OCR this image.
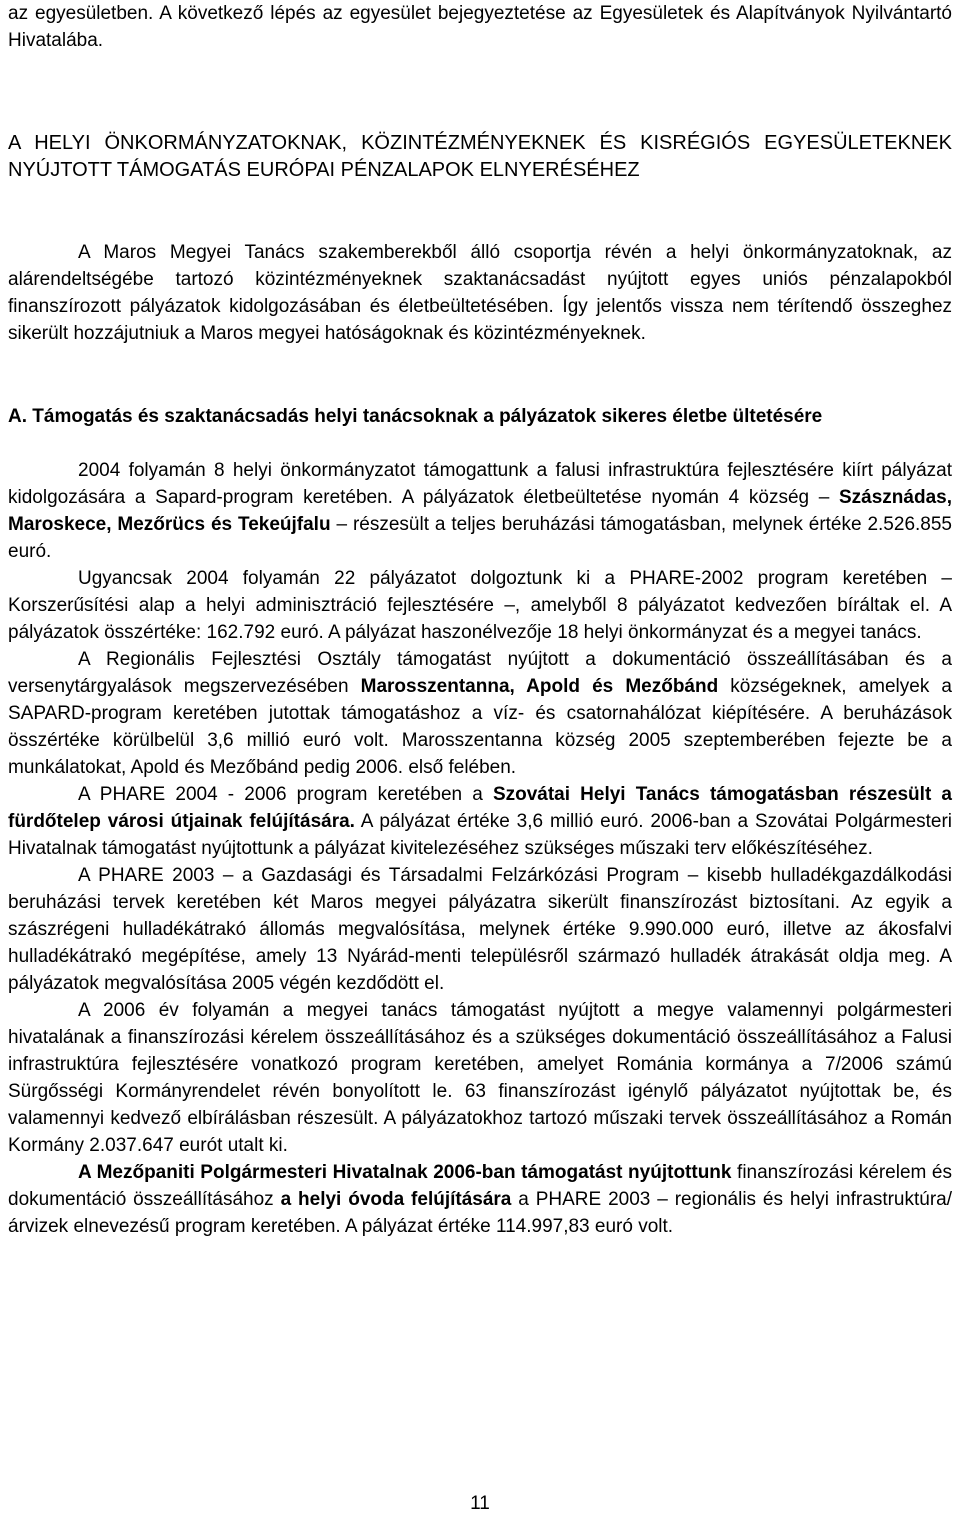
az egyesületben. A következő lépés az egyesület bejegyeztetése az Egyesületek és Alapítványok Nyilvántartó Hivatalába.

A HELYI ÖNKORMÁNYZATOKNAK, KÖZINTÉZMÉNYEKNEK ÉS KISRÉGIÓS EGYESÜLETEKNEK NYÚJTOTT TÁMOGATÁS EURÓPAI PÉNZALAPOK ELNYERÉSÉHEZ

A Maros Megyei Tanács szakemberekből álló csoportja révén a helyi önkormányzatoknak, az alárendeltségébe tartozó közintézményeknek szaktanácsadást nyújtott egyes uniós pénzalapokból finanszírozott pályázatok kidolgozásában és életbeültetésében. Így jelentős vissza nem térítendő összeghez sikerült hozzájutniuk a Maros megyei hatóságoknak és közintézményeknek.

A. Támogatás és szaktanácsadás helyi tanácsoknak a pályázatok sikeres életbe ültetésére

2004 folyamán 8 helyi önkormányzatot támogattunk a falusi infrastruktúra fejlesztésére kiírt pályázat kidolgozására a Sapard-program keretében. A pályázatok életbeültetése nyomán 4 község – Szásznádas, Maroskece, Mezőrücs és Tekeújfalu – részesült a teljes beruházási támogatásban, melynek értéke 2.526.855 euró.

Ugyancsak 2004 folyamán 22 pályázatot dolgoztunk ki a PHARE-2002 program keretében – Korszerűsítési alap a helyi adminisztráció fejlesztésére –, amelyből 8 pályázatot kedvezően bíráltak el. A pályázatok összértéke: 162.792 euró. A pályázat haszonélvezője 18 helyi önkormányzat és a megyei tanács.

A Regionális Fejlesztési Osztály támogatást nyújtott a dokumentáció összeállításában és a versenytárgyalások megszervezésében Marosszentanna, Apold és Mezőbánd községeknek, amelyek a SAPARD-program keretében jutottak támogatáshoz a víz- és csatornahálózat kiépítésére. A beruházások összértéke körülbelül 3,6 millió euró volt. Marosszentanna község 2005 szeptemberében fejezte be a munkálatokat, Apold és Mezőbánd pedig 2006. első felében.

A PHARE 2004 - 2006 program keretében a Szovátai Helyi Tanács támogatásban részesült a fürdőtelep városi útjainak felújítására. A pályázat értéke 3,6 millió euró. 2006-ban a Szovátai Polgármesteri Hivatalnak támogatást nyújtottunk a pályázat kivitelezéséhez szükséges műszaki terv előkészítéséhez.

A PHARE 2003 – a Gazdasági és Társadalmi Felzárkózási Program – kisebb hulladékgazdálkodási beruházási tervek keretében két Maros megyei pályázatra sikerült finanszírozást biztosítani. Az egyik a szászrégeni hulladékátrakó állomás megvalósítása, melynek értéke 9.990.000 euró, illetve az ákosfalvi hulladékátrakó megépítése, amely 13 Nyárád-menti településről származó hulladék átrakását oldja meg. A pályázatok megvalósítása 2005 végén kezdődött el.

A 2006 év folyamán a megyei tanács támogatást nyújtott a megye valamennyi polgármesteri hivatalának a finanszírozási kérelem összeállításához és a szükséges dokumentáció összeállításához a Falusi infrastruktúra fejlesztésére vonatkozó program keretében, amelyet Románia kormánya a 7/2006 számú Sürgősségi Kormányrendelet révén bonyolított le. 63 finanszírozást igénylő pályázatot nyújtottak be, és valamennyi kedvező elbírálásban részesült. A pályázatokhoz tartozó műszaki tervek összeállításához a Román Kormány 2.037.647 eurót utalt ki.

A Mezőpaniti Polgármesteri Hivatalnak 2006-ban támogatást nyújtottunk finanszírozási kérelem és dokumentáció összeállításához a helyi óvoda felújítására a PHARE 2003 – regionális és helyi infrastruktúra/árvizek elnevezésű program keretében. A pályázat értéke 114.997,83 euró volt.

11
